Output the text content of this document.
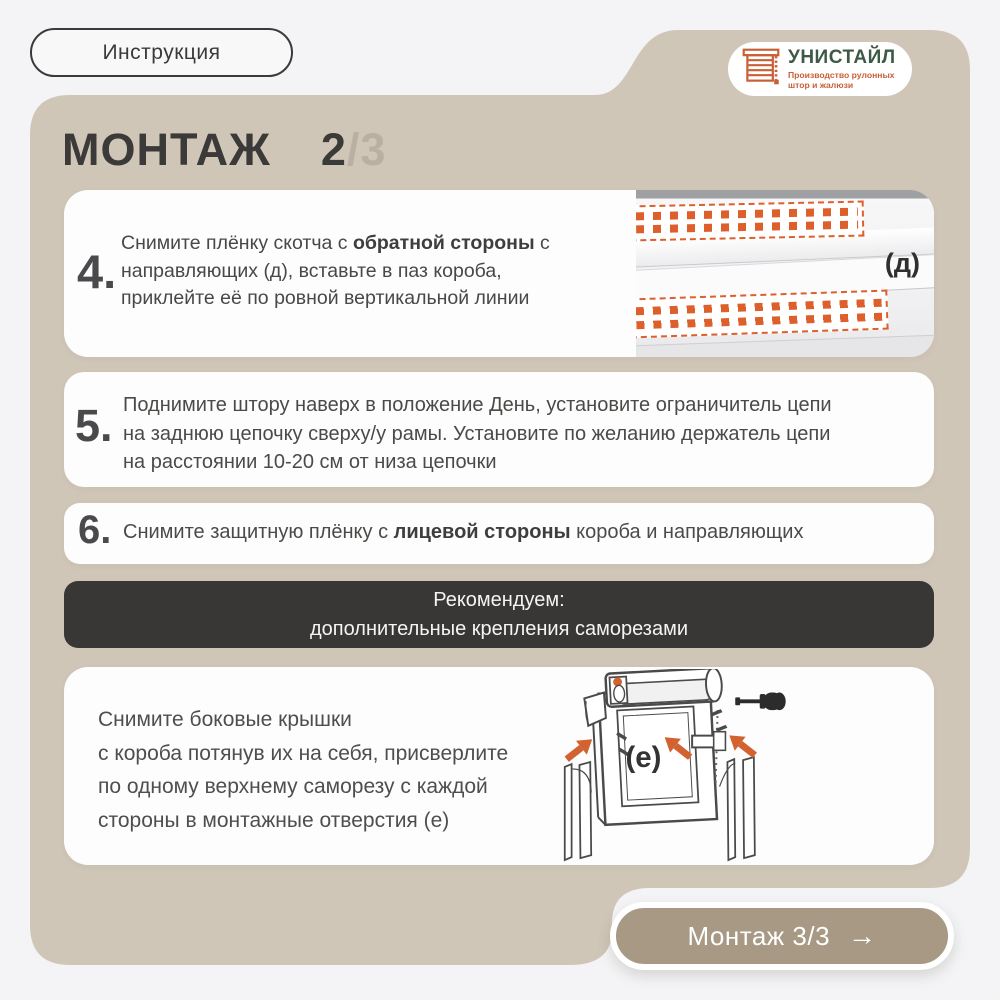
Инструкция	УНИСТАЙЛ
Производство рулонных
штор и жалюзи
МОНТАЖ 2/3
4.
Снимите плёнку скотча с обратной стороны с
направляющих (д), вставьте в паз короба,
приклейте её по ровной вертикальной линии
(д)
5. Поднимите штору наверх в положение День, установите ограничитель цепи
на заднюю цепочку сверху/у рамы. Установите по желанию держатель цепи
на расстоянии 10-20 см от низа цепочки
6. Снимите защитную плёнку с лицевой стороны короба и направляющих
Рекомендуем:
дополнительные крепления саморезами
Снимите боковые крышки
с короба потянув их на себя, присверлите
по одному верхнему саморезу с каждой
стороны в монтажные отверстия (е)
(e)
Монтаж 3/3 →
